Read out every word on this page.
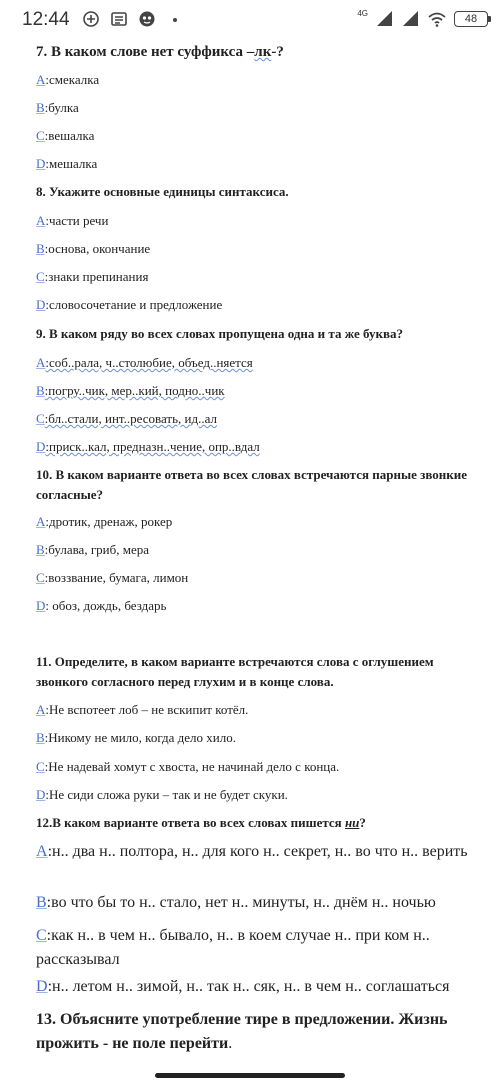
12:44	4G	48
7. В каком слове нет суффикса –лк-?
A:смекалка
B:булка
C:вешалка
D:мешалка
8. Укажите основные единицы синтаксиса.
A:части речи
B:основа, окончание
C:знаки препинания
D:словосочетание и предложение
9. В каком ряду во всех словах пропущена одна и та же буква?
A:соб..рала, ч..столюбие, объед..няется
B:погру..чик, мер..кий, подно..чик
C:бл..стали, инт..ресовать, ид..ал
D:приск..кал, предназн..чение, опр..вдал
10. В каком варианте ответа во всех словах встречаются парные звонкие согласные?
A:дротик, дренаж, рокер
B:булава, гриб, мера
C:воззвание, бумага, лимон
D: обоз, дождь, бездарь
11. Определите, в каком варианте встречаются слова с оглушением звонкого согласного перед глухим и в конце слова.
A:Не вспотеет лоб – не вскипит котёл.
B:Никому не мило, когда дело хило.
C:Не надевай хомут с хвоста, не начинай дело с конца.
D:Не сиди сложа руки – так и не будет скуки.
12.В каком варианте ответа во всех словах пишется ни?
A:н.. два н.. полтора, н.. для кого н.. секрет, н.. во что н.. верить
B:во что бы то н.. стало, нет н.. минуты, н.. днём н.. ночью
C:как н.. в чем н.. бывало, н.. в коем случае н.. при ком н.. рассказывал
D:н.. летом н.. зимой, н.. так н.. сяк, н.. в чем н.. соглашаться
13. Объясните употребление тире в предложении. Жизнь прожить - не поле перейти.
